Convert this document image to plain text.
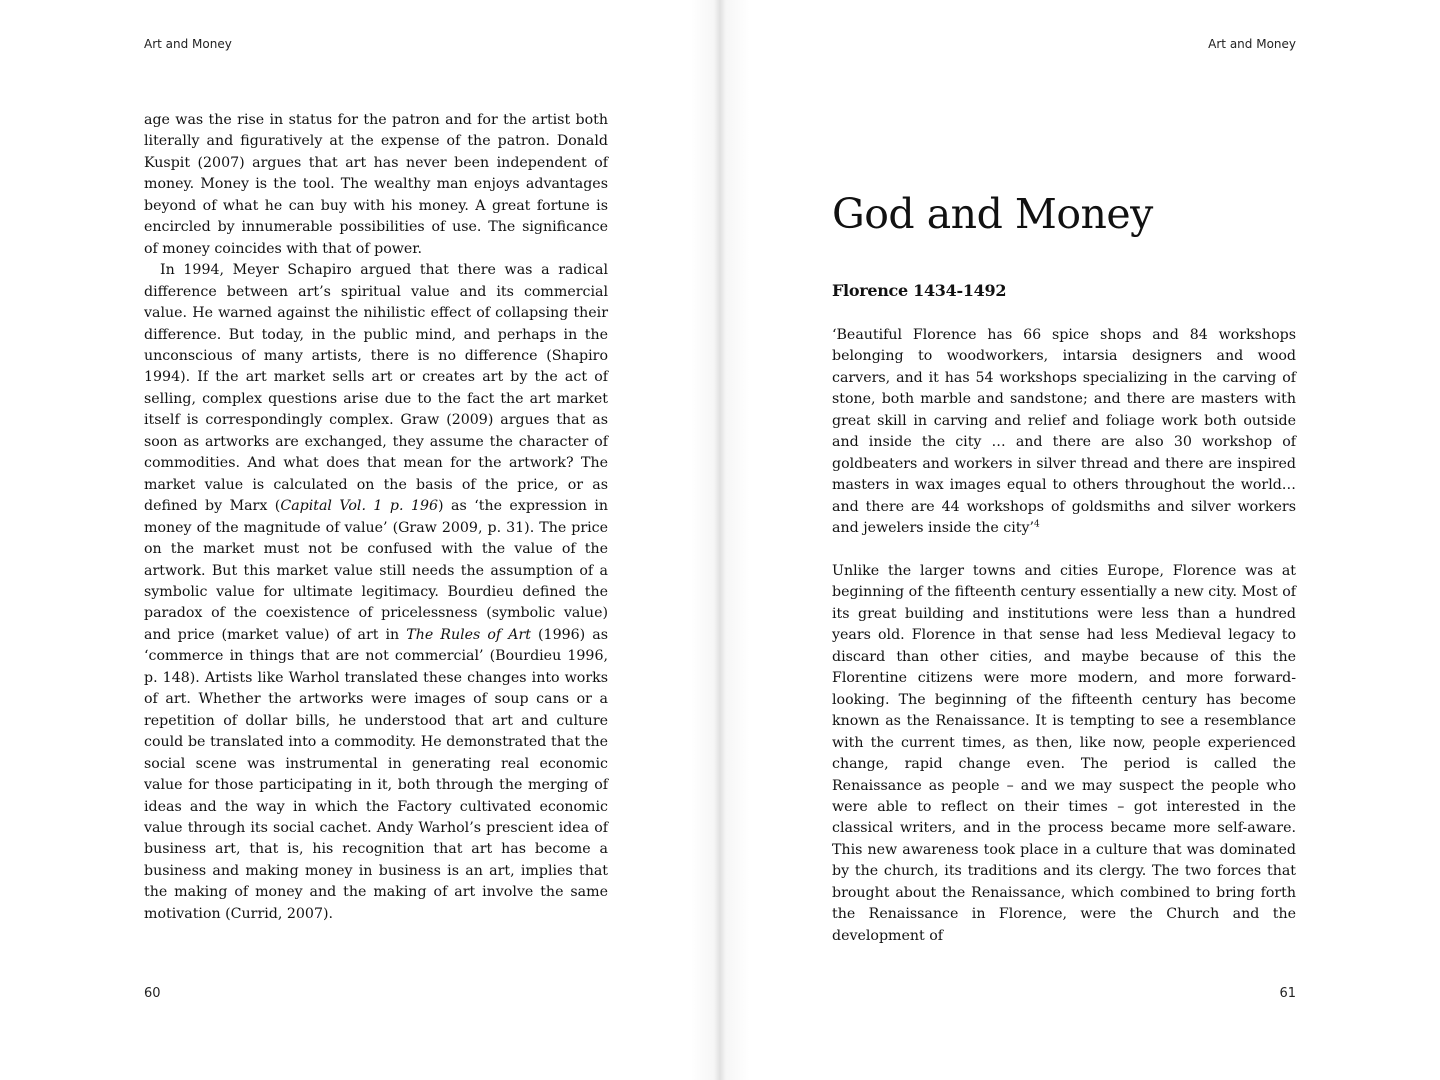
Art and Money

age was the rise in status for the patron and for the artist both literally and figuratively at the expense of the patron. Donald Kuspit (2007) argues that art has never been independent of money. Money is the tool. The wealthy man enjoys advantages beyond of what he can buy with his money. A great fortune is encircled by innumerable possibilities of use. The significance of money coincides with that of power.

In 1994, Meyer Schapiro argued that there was a radical difference between art’s spiritual value and its commercial value. He warned against the nihilistic effect of collapsing their difference. But today, in the public mind, and perhaps in the unconscious of many artists, there is no difference (Shapiro 1994). If the art market sells art or creates art by the act of selling, complex questions arise due to the fact the art market itself is correspondingly complex. Graw (2009) argues that as soon as artworks are exchanged, they assume the character of commodities. And what does that mean for the artwork? The market value is calculated on the basis of the price, or as defined by Marx (Capital Vol. 1 p. 196) as ‘the expression in money of the magnitude of value’ (Graw 2009, p. 31). The price on the market must not be confused with the value of the artwork. But this market value still needs the assumption of a symbolic value for ultimate legitimacy. Bourdieu defined the paradox of the coexistence of pricelessness (symbolic value) and price (market value) of art in The Rules of Art (1996) as ‘commerce in things that are not commercial’ (Bourdieu 1996, p. 148). Artists like Warhol translated these changes into works of art. Whether the artworks were images of soup cans or a repetition of dollar bills, he understood that art and culture could be translated into a commodity. He demonstrated that the social scene was instrumental in generating real economic value for those participating in it, both through the merging of ideas and the way in which the Factory cultivated economic value through its social cachet. Andy Warhol’s prescient idea of business art, that is, his recognition that art has become a business and making money in business is an art, implies that the making of money and the making of art involve the same motivation (Currid, 2007).

60
Art and Money
God and Money
Florence 1434-1492

‘Beautiful Florence has 66 spice shops and 84 workshops belonging to woodworkers, intarsia designers and wood carvers, and it has 54 workshops specializing in the carving of stone, both marble and sandstone; and there are masters with great skill in carving and relief and foliage work both outside and inside the city … and there are also 30 workshop of goldbeaters and workers in silver thread and there are inspired masters in wax images equal to others throughout the world… and there are 44 workshops of goldsmiths and silver workers and jewelers inside the city’$^4$

Unlike the larger towns and cities Europe, Florence was at beginning of the fifteenth century essentially a new city. Most of its great building and institutions were less than a hundred years old. Florence in that sense had less Medieval legacy to discard than other cities, and maybe because of this the Florentine citizens were more modern, and more forward-looking. The beginning of the fifteenth century has become known as the Renaissance. It is tempting to see a resemblance with the current times, as then, like now, people experienced change, rapid change even. The period is called the Renaissance as people – and we may suspect the people who were able to reflect on their times – got interested in the classical writers, and in the process became more self-aware. This new awareness took place in a culture that was dominated by the church, its traditions and its clergy. The two forces that brought about the Renaissance, which combined to bring forth the Renaissance in Florence, were the Church and the development of

61
